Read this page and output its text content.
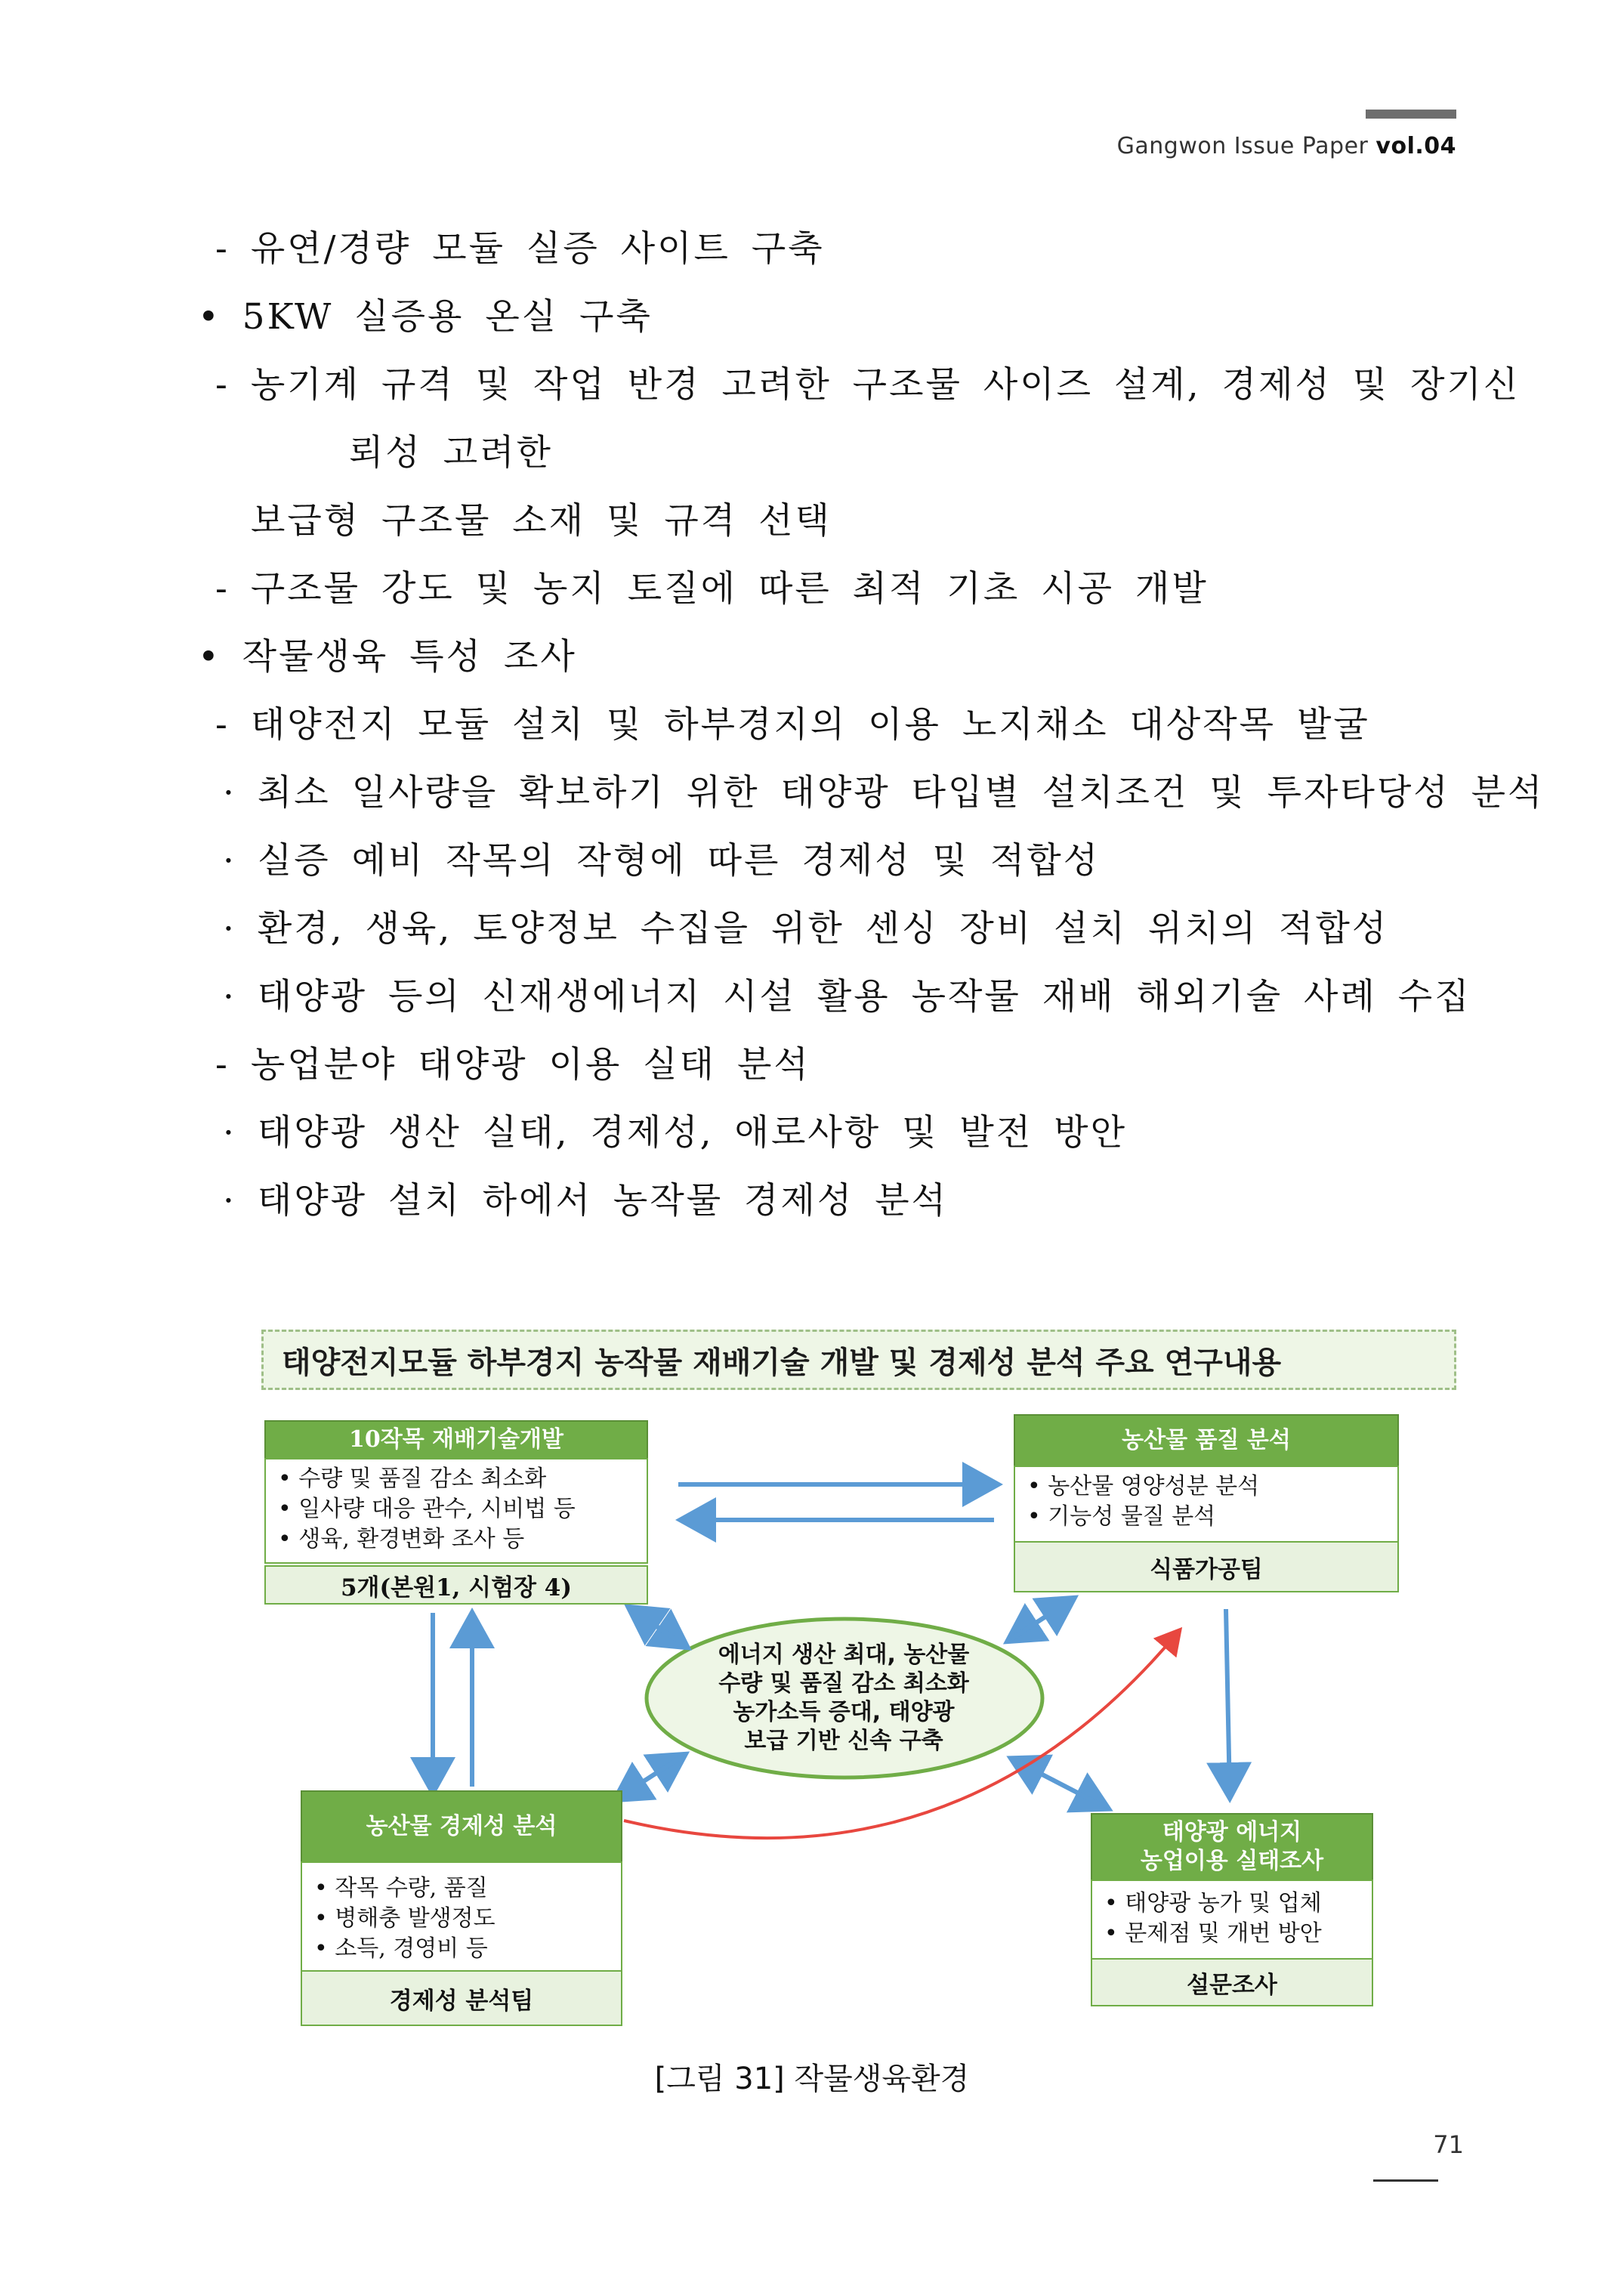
Gangwon Issue Paper vol.04
- 유연/경량 모듈 실증 사이트 구축
• 5KW 실증용 온실 구축
- 농기계 규격 및 작업 반경 고려한 구조물 사이즈 설계, 경제성 및 장기신
뢰성 고려한
보급형 구조물 소재 및 규격 선택
- 구조물 강도 및 농지 토질에 따른 최적 기초 시공 개발
• 작물생육 특성 조사
- 태양전지 모듈 설치 및 하부경지의 이용 노지채소 대상작목 발굴
· 최소 일사량을 확보하기 위한 태양광 타입별 설치조건 및 투자타당성 분석
· 실증 예비 작목의 작형에 따른 경제성 및 적합성
· 환경, 생육, 토양정보 수집을 위한 센싱 장비 설치 위치의 적합성
· 태양광 등의 신재생에너지 시설 활용 농작물 재배 해외기술 사례 수집
- 농업분야 태양광 이용 실태 분석
· 태양광 생산 실태, 경제성, 애로사항 및 발전 방안
· 태양광 설치 하에서 농작물 경제성 분석
태양전지모듈 하부경지 농작물 재배기술 개발 및 경제성 분석 주요 연구내용
10작목 재배기술개발
• 수량 및 품질 감소 최소화
• 일사량 대응 관수, 시비법 등
• 생육, 환경변화 조사 등
5개(본원1, 시험장 4)
농산물 품질 분석
• 농산물 영양성분 분석
• 기능성 물질 분석
식품가공팀
에너지 생산 최대, 농산물
수량 및 품질 감소 최소화
농가소득 증대, 태양광
보급 기반 신속 구축
농산물 경제성 분석
• 작목 수량, 품질
• 병해충 발생정도
• 소득, 경영비 등
경제성 분석팀
태양광 에너지
농업이용 실태조사
• 태양광 농가 및 업체
• 문제점 및 개번 방안
설문조사
[그림 31] 작물생육환경
71
